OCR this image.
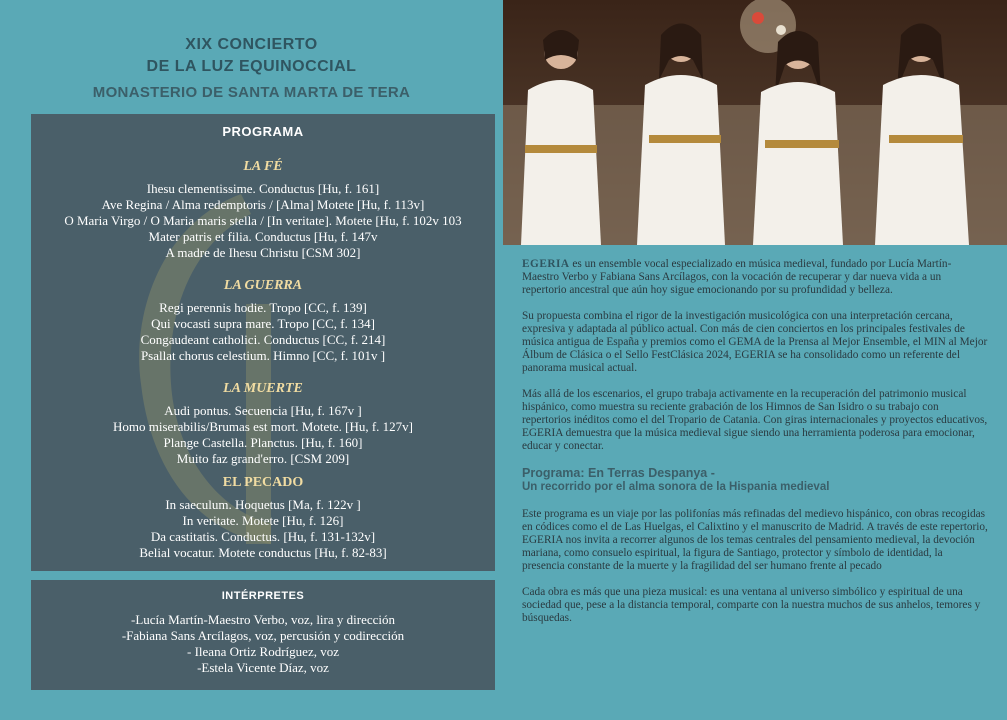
XIX CONCIERTO
DE LA LUZ EQUINOCCIAL
MONASTERIO DE SANTA MARTA DE TERA
PROGRAMA
LA FÉ
Ihesu clementissime. Conductus [Hu, f. 161]
Ave Regina / Alma redemptoris / [Alma] Motete [Hu, f. 113v]
O Maria Virgo / O Maria maris stella / [In veritate]. Motete [Hu, f. 102v 103
Mater patris et filia. Conductus [Hu, f. 147v
A madre de Ihesu Christu [CSM 302]
LA GUERRA
Regi perennis hodie. Tropo [CC, f. 139]
Qui vocasti supra mare. Tropo [CC, f. 134]
Congaudeant catholici. Conductus [CC, f. 214]
Psallat chorus celestium. Himno [CC, f. 101v ]
LA MUERTE
Audi pontus. Secuencia [Hu, f. 167v ]
Homo miserabilis/Brumas est mort. Motete. [Hu, f. 127v]
Plange Castella. Planctus. [Hu, f. 160]
Muito faz grand'erro. [CSM 209]
EL PECADO
In saeculum. Hoquetus [Ma, f. 122v ]
In veritate. Motete [Hu, f. 126]
Da castitatis. Conductus. [Hu, f. 131-132v]
Belial vocatur. Motete conductus [Hu, f. 82-83]
INTÉRPRETES
-Lucía Martín-Maestro Verbo, voz, lira y dirección
-Fabiana Sans Arcílagos, voz, percusión y codirección
- Ileana Ortiz Rodríguez, voz
-Estela Vicente Díaz, voz

EGERIA es un ensemble vocal especializado en música medieval, fundado por Lucía Martín-Maestro Verbo y Fabiana Sans Arcílagos, con la vocación de recuperar y dar nueva vida a un repertorio ancestral que aún hoy sigue emocionando por su profundidad y belleza.

Su propuesta combina el rigor de la investigación musicológica con una interpretación cercana, expresiva y adaptada al público actual. Con más de cien conciertos en los principales festivales de música antigua de España y premios como el GEMA de la Prensa al Mejor Ensemble, el MIN al Mejor Álbum de Clásica o el Sello FestClásica 2024, EGERIA se ha consolidado como un referente del panorama musical actual.

Más allá de los escenarios, el grupo trabaja activamente en la recuperación del patrimonio musical hispánico, como muestra su reciente grabación de los Himnos de San Isidro o su trabajo con repertorios inéditos como el del Tropario de Catania. Con giras internacionales y proyectos educativos, EGERIA demuestra que la música medieval sigue siendo una herramienta poderosa para emocionar, educar y conectar.

Programa: En Terras Despanya -
Un recorrido por el alma sonora de la Hispania medieval

Este programa es un viaje por las polifonías más refinadas del medievo hispánico, con obras recogidas en códices como el de Las Huelgas, el Calixtino y el manuscrito de Madrid. A través de este repertorio, EGERIA nos invita a recorrer algunos de los temas centrales del pensamiento medieval, la devoción mariana, como consuelo espiritual, la figura de Santiago, protector y símbolo de identidad, la presencia constante de la muerte y la fragilidad del ser humano frente al pecado

Cada obra es más que una pieza musical: es una ventana al universo simbólico y espiritual de una sociedad que, pese a la distancia temporal, comparte con la nuestra muchos de sus anhelos, temores y búsquedas.
